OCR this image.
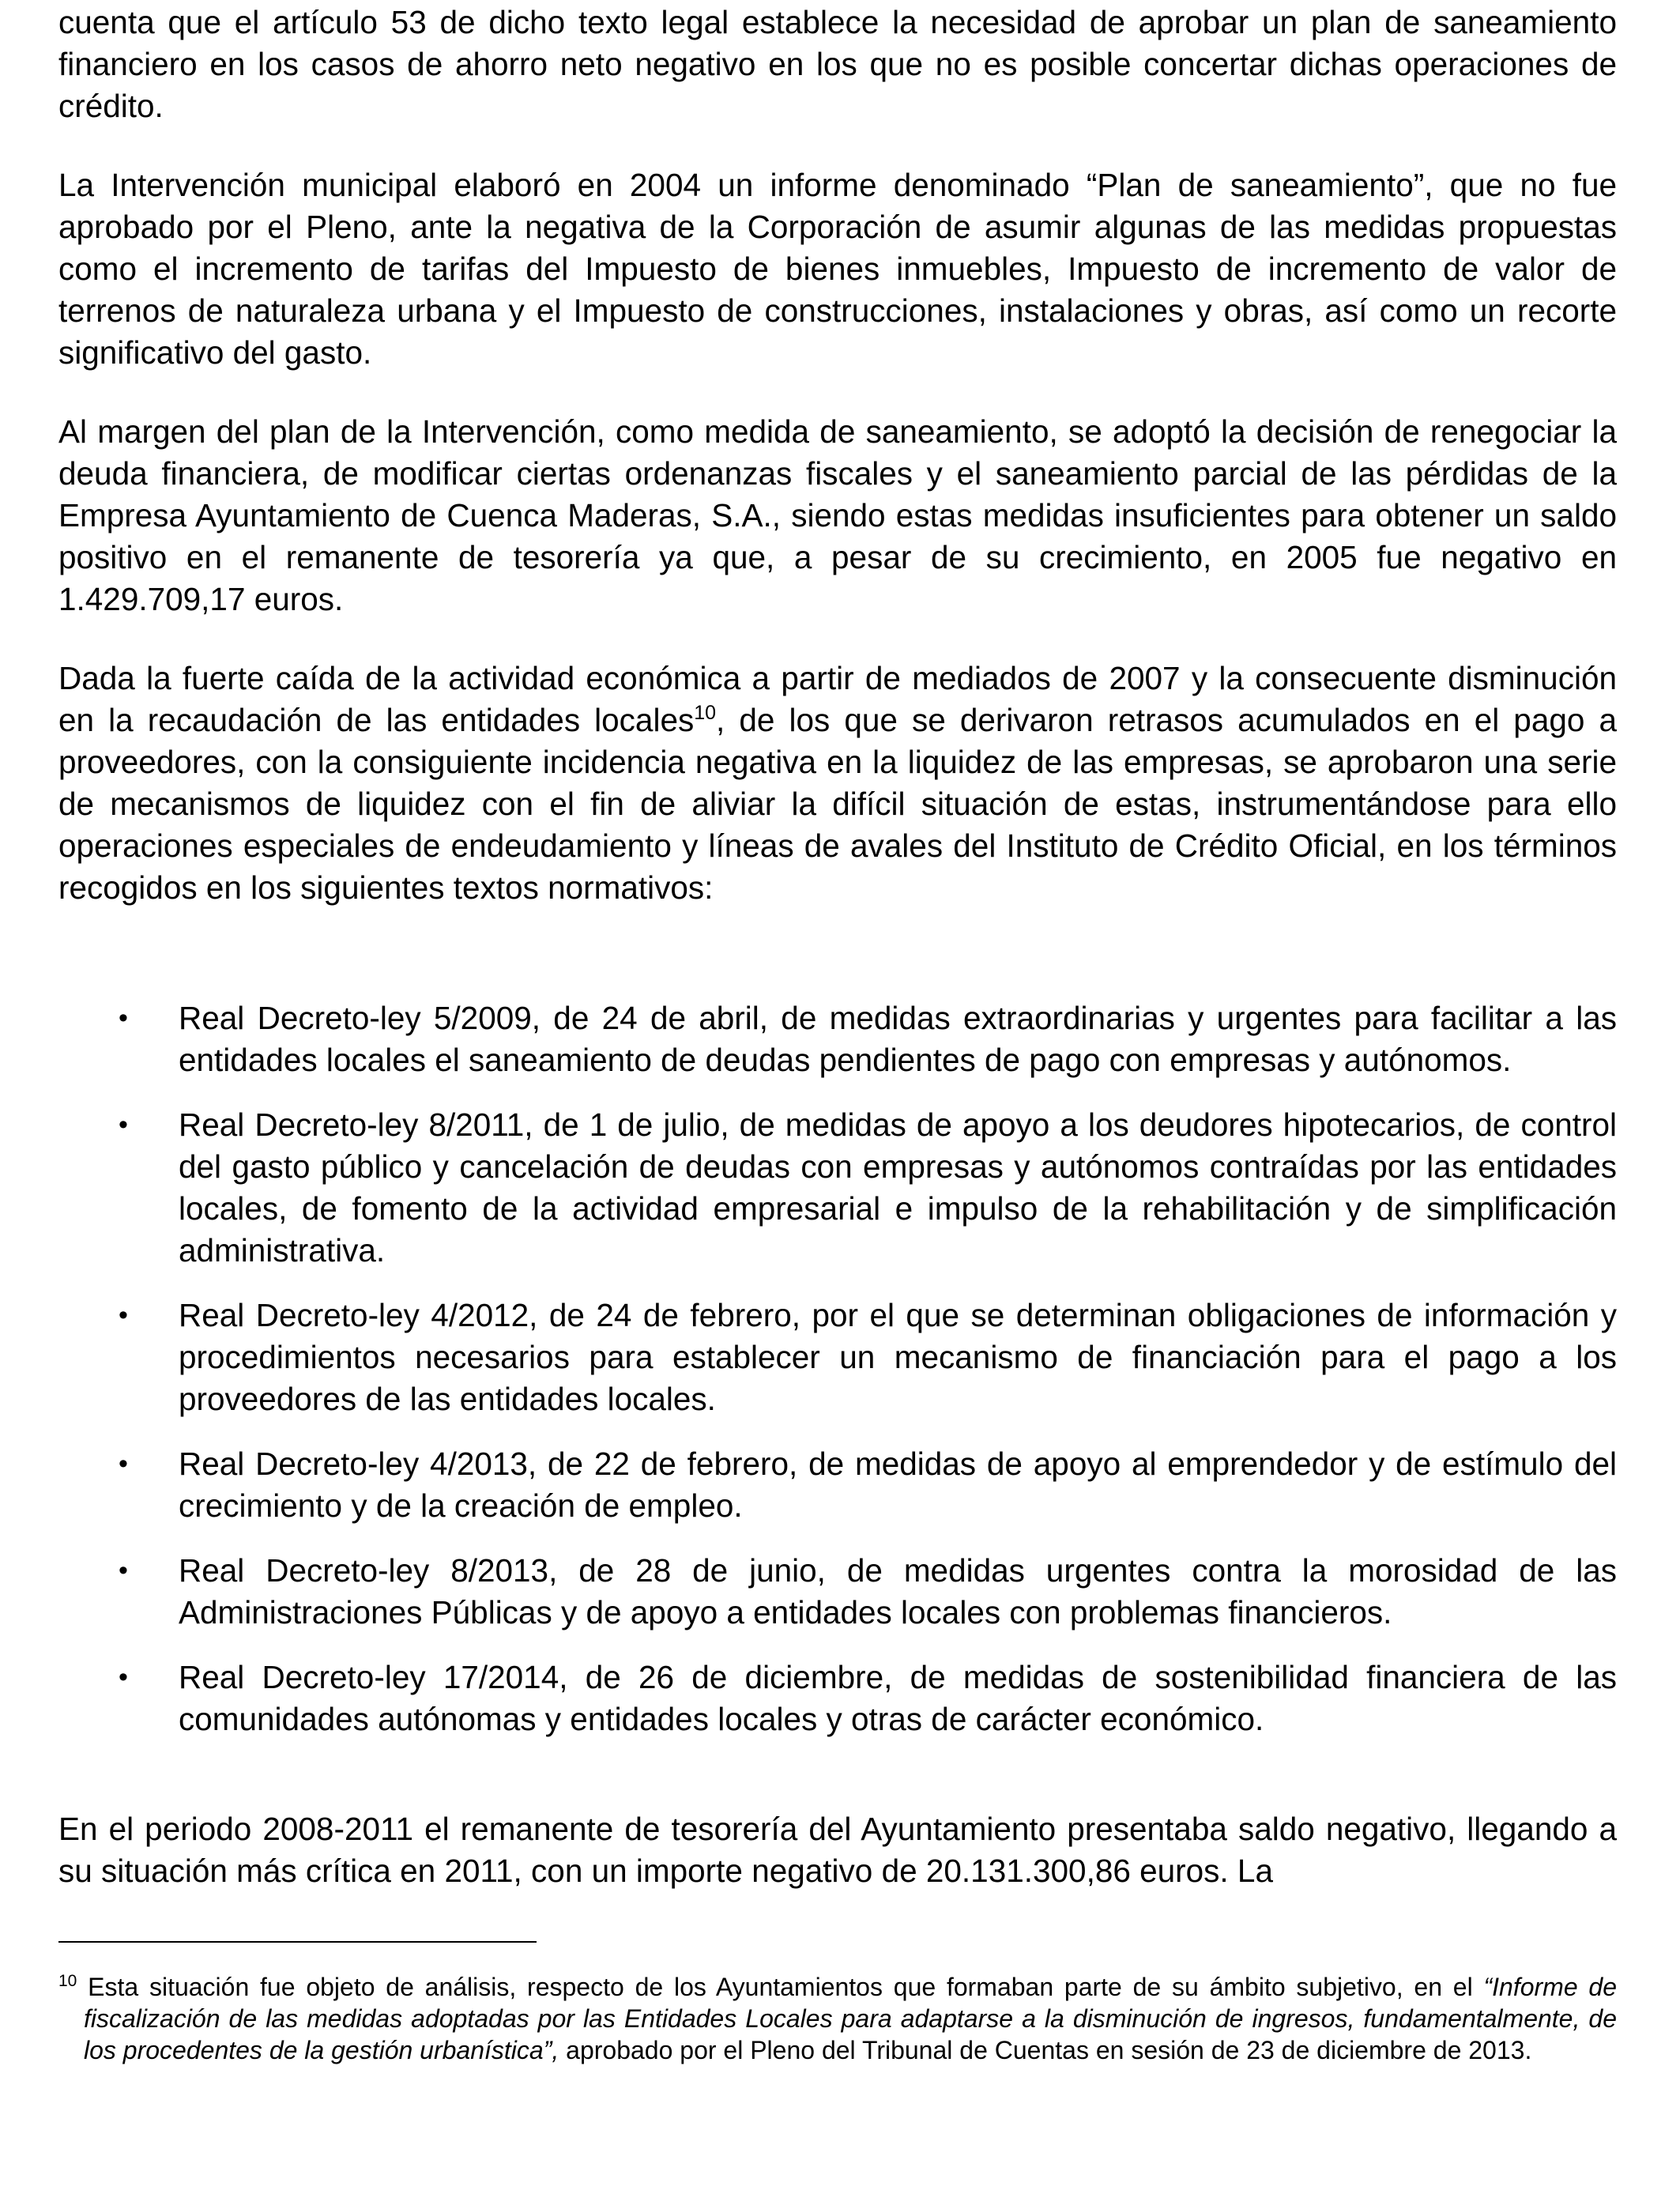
cuenta que el artículo 53 de dicho texto legal establece la necesidad de aprobar un plan de saneamiento financiero en los casos de ahorro neto negativo en los que no es posible concertar dichas operaciones de crédito.

La Intervención municipal elaboró en 2004 un informe denominado “Plan de saneamiento”, que no fue aprobado por el Pleno, ante la negativa de la Corporación de asumir algunas de las medidas propuestas como el incremento de tarifas del Impuesto de bienes inmuebles, Impuesto de incremento de valor de terrenos de naturaleza urbana y el Impuesto de construcciones, instalaciones y obras, así como un recorte significativo del gasto.

Al margen del plan de la Intervención, como medida de saneamiento, se adoptó la decisión de renegociar la deuda financiera, de modificar ciertas ordenanzas fiscales y el saneamiento parcial de las pérdidas de la Empresa Ayuntamiento de Cuenca Maderas, S.A., siendo estas medidas insuficientes para obtener un saldo positivo en el remanente de tesorería ya que, a pesar de su crecimiento, en 2005 fue negativo en 1.429.709,17 euros.

Dada la fuerte caída de la actividad económica a partir de mediados de 2007 y la consecuente disminución en la recaudación de las entidades locales$^{10}$, de los que se derivaron retrasos acumulados en el pago a proveedores, con la consiguiente incidencia negativa en la liquidez de las empresas, se aprobaron una serie de mecanismos de liquidez con el fin de aliviar la difícil situación de estas, instrumentándose para ello operaciones especiales de endeudamiento y líneas de avales del Instituto de Crédito Oficial, en los términos recogidos en los siguientes textos normativos:

• Real Decreto-ley 5/2009, de 24 de abril, de medidas extraordinarias y urgentes para facilitar a las entidades locales el saneamiento de deudas pendientes de pago con empresas y autónomos.
• Real Decreto-ley 8/2011, de 1 de julio, de medidas de apoyo a los deudores hipotecarios, de control del gasto público y cancelación de deudas con empresas y autónomos contraídas por las entidades locales, de fomento de la actividad empresarial e impulso de la rehabilitación y de simplificación administrativa.
• Real Decreto-ley 4/2012, de 24 de febrero, por el que se determinan obligaciones de información y procedimientos necesarios para establecer un mecanismo de financiación para el pago a los proveedores de las entidades locales.
• Real Decreto-ley 4/2013, de 22 de febrero, de medidas de apoyo al emprendedor y de estímulo del crecimiento y de la creación de empleo.
• Real Decreto-ley 8/2013, de 28 de junio, de medidas urgentes contra la morosidad de las Administraciones Públicas y de apoyo a entidades locales con problemas financieros.
• Real Decreto-ley 17/2014, de 26 de diciembre, de medidas de sostenibilidad financiera de las comunidades autónomas y entidades locales y otras de carácter económico.

En el periodo 2008-2011 el remanente de tesorería del Ayuntamiento presentaba saldo negativo, llegando a su situación más crítica en 2011, con un importe negativo de 20.131.300,86 euros. La

$^{10}$ Esta situación fue objeto de análisis, respecto de los Ayuntamientos que formaban parte de su ámbito subjetivo, en el “Informe de fiscalización de las medidas adoptadas por las Entidades Locales para adaptarse a la disminución de ingresos, fundamentalmente, de los procedentes de la gestión urbanística”, aprobado por el Pleno del Tribunal de Cuentas en sesión de 23 de diciembre de 2013.
